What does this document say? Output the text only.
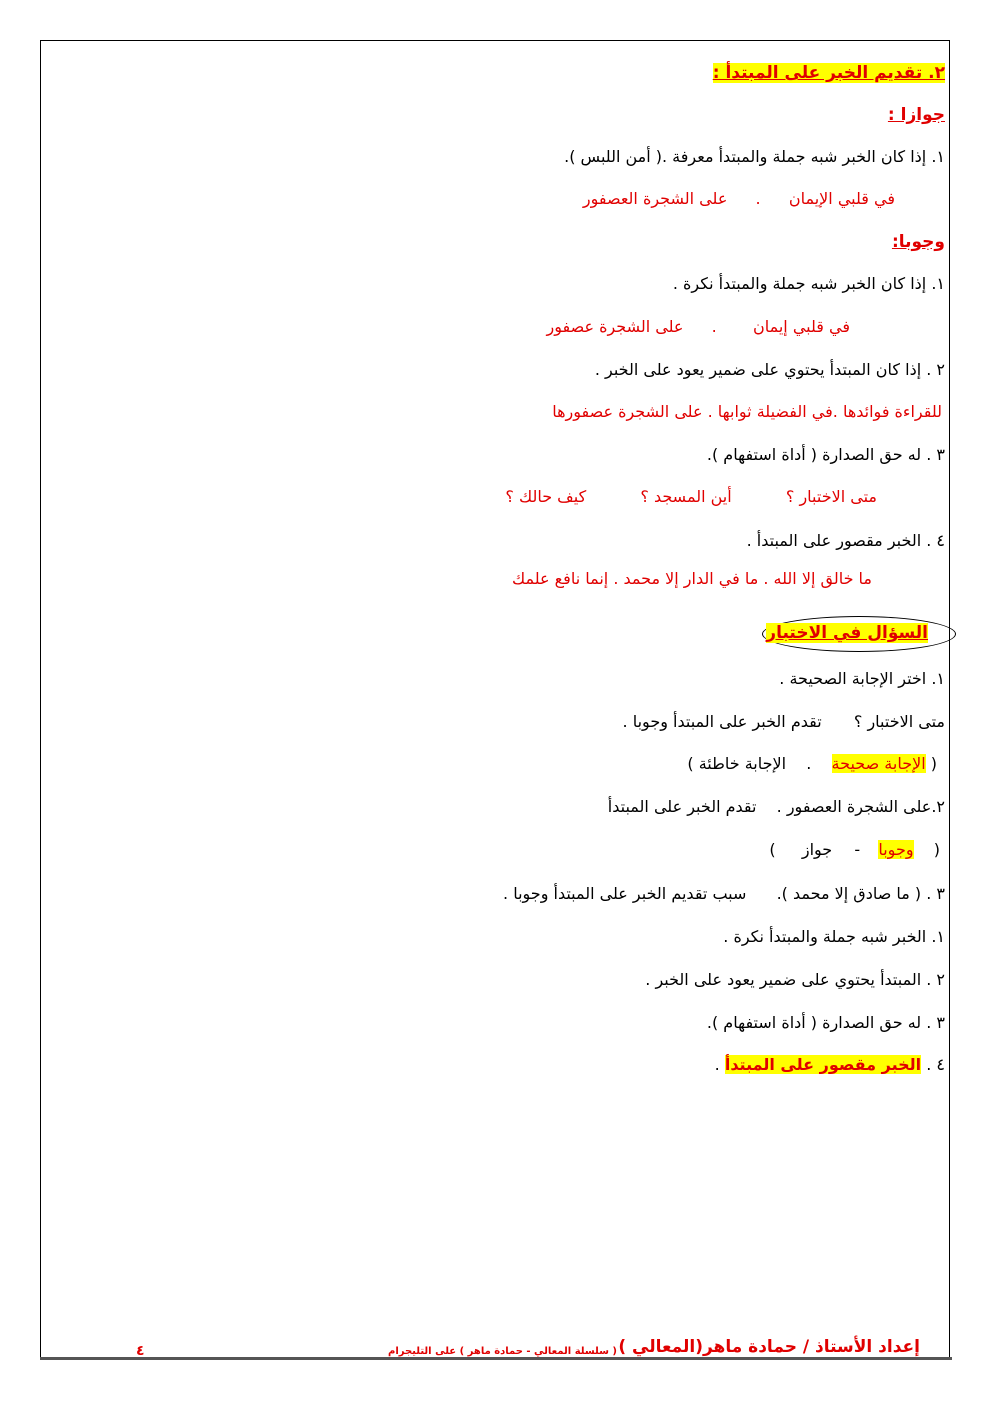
٢. تقديم الخبر على المبتدأ :
جوازا :
١. إذا كان الخبر شبه جملة والمبتدأ معرفة .( أمن اللبس ).
في قلبي الإيمان  .  على الشجرة العصفور
وجوبا:
١. إذا كان الخبر شبه جملة والمبتدأ نكرة .
في قلبي إيمان  .  على الشجرة عصفور
٢ . إذا كان المبتدأ يحتوي على ضمير يعود على الخبر .
للقراءة فوائدها .في الفضيلة ثوابها . على الشجرة عصفورها
٣ . له حق الصدارة ( أداة استفهام ).
متى الاختبار ؟  أين المسجد ؟  كيف حالك ؟
٤ . الخبر مقصور على المبتدأ .
ما خالق إلا الله . ما في الدار إلا محمد . إنما نافع علمك
السؤال في الاختبار
١. اختر الإجابة الصحيحة .
متى الاختبار ؟  تقدم الخبر على المبتدأ وجوبا .
( الإجابة صحيحة  .  الإجابة خاطئة )
٢.على الشجرة العصفور .  تقدم الخبر على المبتدأ
(  وجوبا  -  جواز  )
٣ . ( ما صادق إلا محمد ).  سبب تقديم الخبر على المبتدأ وجوبا .
١. الخبر شبه جملة والمبتدأ نكرة .
٢ . المبتدأ يحتوي على ضمير يعود على الخبر .
٣ . له حق الصدارة ( أداة استفهام ).
٤ . الخبر مقصور على المبتدأ .
إعداد الأستاذ / حمادة ماهر(المعالي )
( سلسلة المعالي - حمادة ماهر ) على التليجرام
٤
